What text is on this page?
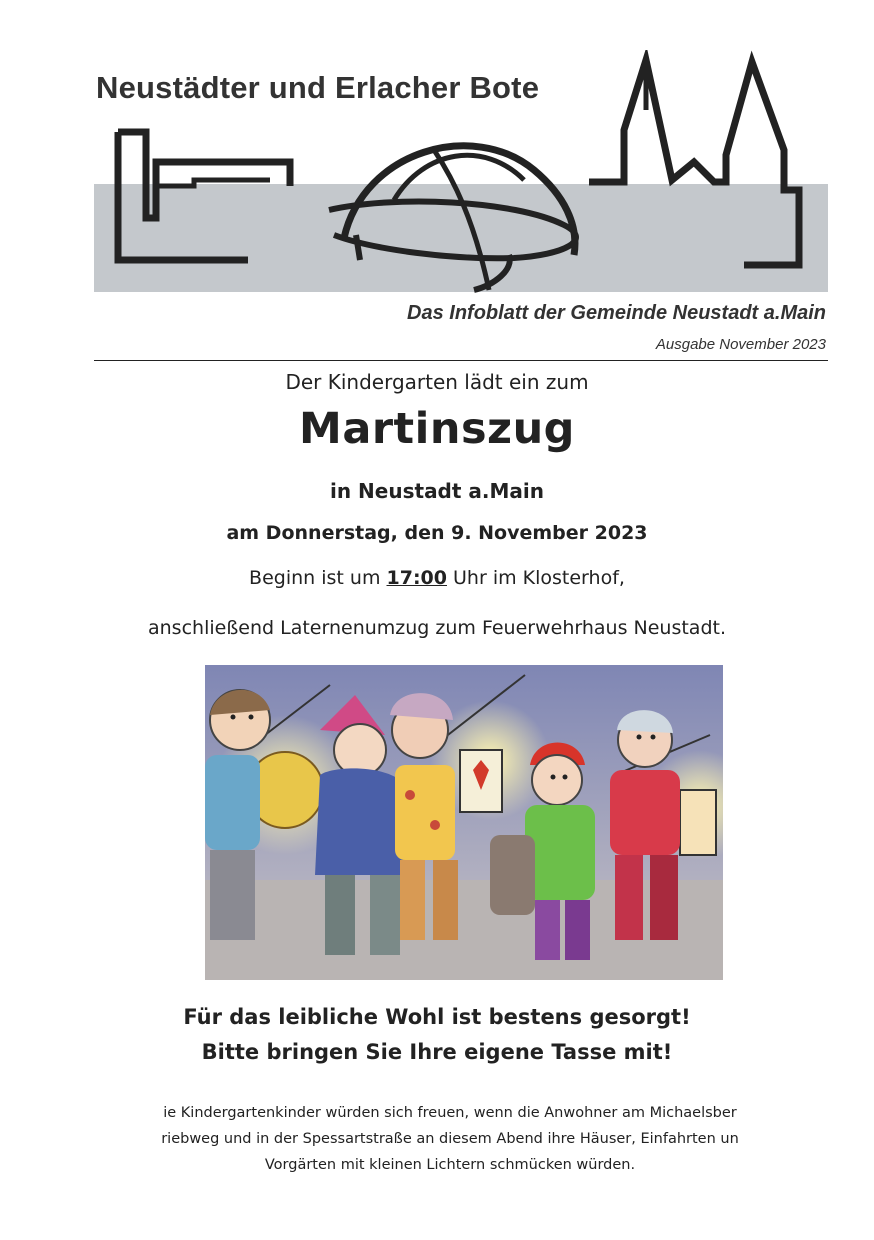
Neustädter und Erlacher Bote
Das Infoblatt der Gemeinde Neustadt a.Main
Ausgabe November 2023
Der Kindergarten lädt ein zum
Martinszug
in Neustadt a.Main
am Donnerstag, den 9. November 2023
Beginn ist um 17:00 Uhr im Klosterhof,
anschließend Laternenumzug zum Feuerwehrhaus Neustadt.
Für das leibliche Wohl ist bestens gesorgt!
Bitte bringen Sie Ihre eigene Tasse mit!
ie Kindergartenkinder würden sich freuen, wenn die Anwohner am Michaelsber
riebweg und in der Spessartstraße an diesem Abend ihre Häuser, Einfahrten un
Vorgärten mit kleinen Lichtern schmücken würden.
